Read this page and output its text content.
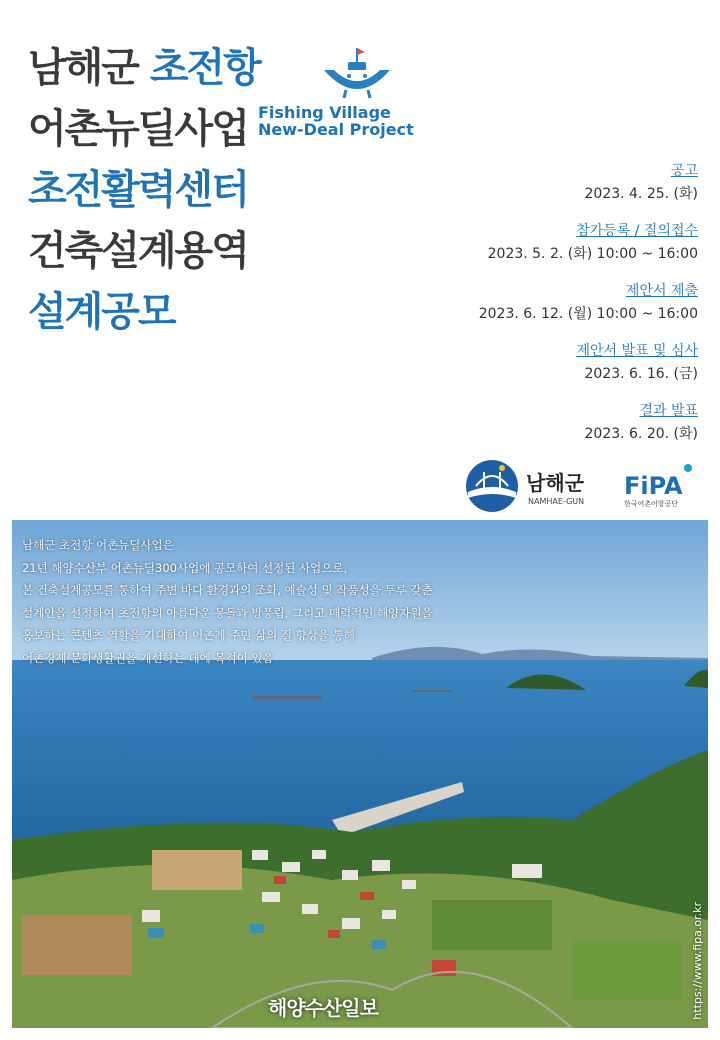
남해군 초전항
어촌뉴딜사업
초전활력센터
건축설계용역
설계공모
Fishing Village
New-Deal Project
공고
2023. 4. 25. (화)
참가등록 / 질의접수
2023. 5. 2. (화) 10:00 ~ 16:00
제안서 제출
2023. 6. 12. (월) 10:00 ~ 16:00
제안서 발표 및 심사
2023. 6. 16. (금)
결과 발표
2023. 6. 20. (화)
남해군
NAMHAE-GUN
FiPA
한국어촌어항공단
남해군 초전항 어촌뉴딜사업은
21년 해양수산부 어촌뉴딜300사업에 공모하여 선정된 사업으로,
본 건축설계공모를 통하여 주변 바다 환경과의 조화, 예술성 및 작품성을 두루 갖춘
설계안을 선정하여 초전항의 아름다운 몽돌과 방풍림, 그리고 매력적인 해양자원을
홍보하는 콘텐츠 역할을 기대하여 어촌계 주민 삶의 질 향상을 통해
어촌경제·문화생활권을 개선하는 데에 목적이 있음
해양수산일보	https://www.fipa.or.kr
